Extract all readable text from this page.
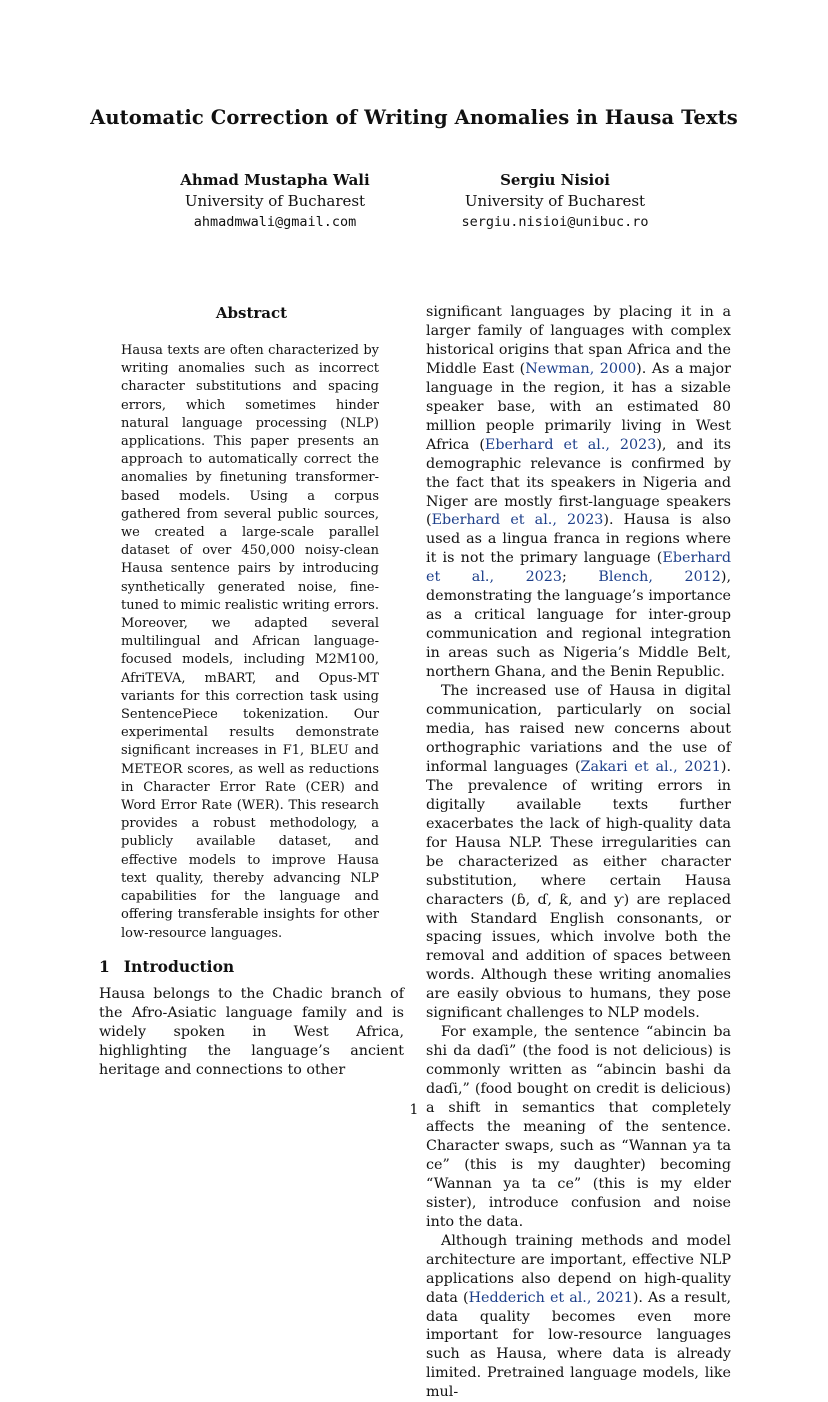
Automatic Correction of Writing Anomalies in Hausa Texts
Ahmad Mustapha Wali
University of Bucharest
ahmadmwali@gmail.com
Sergiu Nisioi
University of Bucharest
sergiu.nisioi@unibuc.ro
Abstract

Hausa texts are often characterized by writing anomalies such as incorrect character substitutions and spacing errors, which sometimes hinder natural language processing (NLP) applications. This paper presents an approach to automatically correct the anomalies by finetuning transformer-based models. Using a corpus gathered from several public sources, we created a large-scale parallel dataset of over 450,000 noisy-clean Hausa sentence pairs by introducing synthetically generated noise, fine-tuned to mimic realistic writing errors. Moreover, we adapted several multilingual and African language-focused models, including M2M100, AfriTEVA, mBART, and Opus-MT variants for this correction task using SentencePiece tokenization. Our experimental results demonstrate significant increases in F1, BLEU and METEOR scores, as well as reductions in Character Error Rate (CER) and Word Error Rate (WER). This research provides a robust methodology, a publicly available dataset, and effective models to improve Hausa text quality, thereby advancing NLP capabilities for the language and offering transferable insights for other low-resource languages.

1 Introduction

Hausa belongs to the Chadic branch of the Afro-Asiatic language family and is widely spoken in West Africa, highlighting the language’s ancient heritage and connections to other

significant languages by placing it in a larger family of languages with complex historical origins that span Africa and the Middle East (Newman, 2000). As a major language in the region, it has a sizable speaker base, with an estimated 80 million people primarily living in West Africa (Eberhard et al., 2023), and its demographic relevance is confirmed by the fact that its speakers in Nigeria and Niger are mostly first-language speakers (Eberhard et al., 2023). Hausa is also used as a lingua franca in regions where it is not the primary language (Eberhard et al., 2023; Blench, 2012), demonstrating the language’s importance as a critical language for inter-group communication and regional integration in areas such as Nigeria’s Middle Belt, northern Ghana, and the Benin Republic.

The increased use of Hausa in digital communication, particularly on social media, has raised new concerns about orthographic variations and the use of informal languages (Zakari et al., 2021). The prevalence of writing errors in digitally available texts further exacerbates the lack of high-quality data for Hausa NLP. These irregularities can be characterized as either character substitution, where certain Hausa characters (ɓ, ɗ, ƙ, and ƴ) are replaced with Standard English consonants, or spacing issues, which involve both the removal and addition of spaces between words. Although these writing anomalies are easily obvious to humans, they pose significant challenges to NLP models.

For example, the sentence “abincin ba shi da daɗi” (the food is not delicious) is commonly written as “abincin bashi da daɗi,” (food bought on credit is delicious) a shift in semantics that completely affects the meaning of the sentence. Character swaps, such as “Wannan ƴa ta ce” (this is my daughter) becoming “Wannan ya ta ce” (this is my elder sister), introduce confusion and noise into the data.

Although training methods and model architecture are important, effective NLP applications also depend on high-quality data (Hedderich et al., 2021). As a result, data quality becomes even more important for low-resource languages such as Hausa, where data is already limited. Pretrained language models, like mul-

1
